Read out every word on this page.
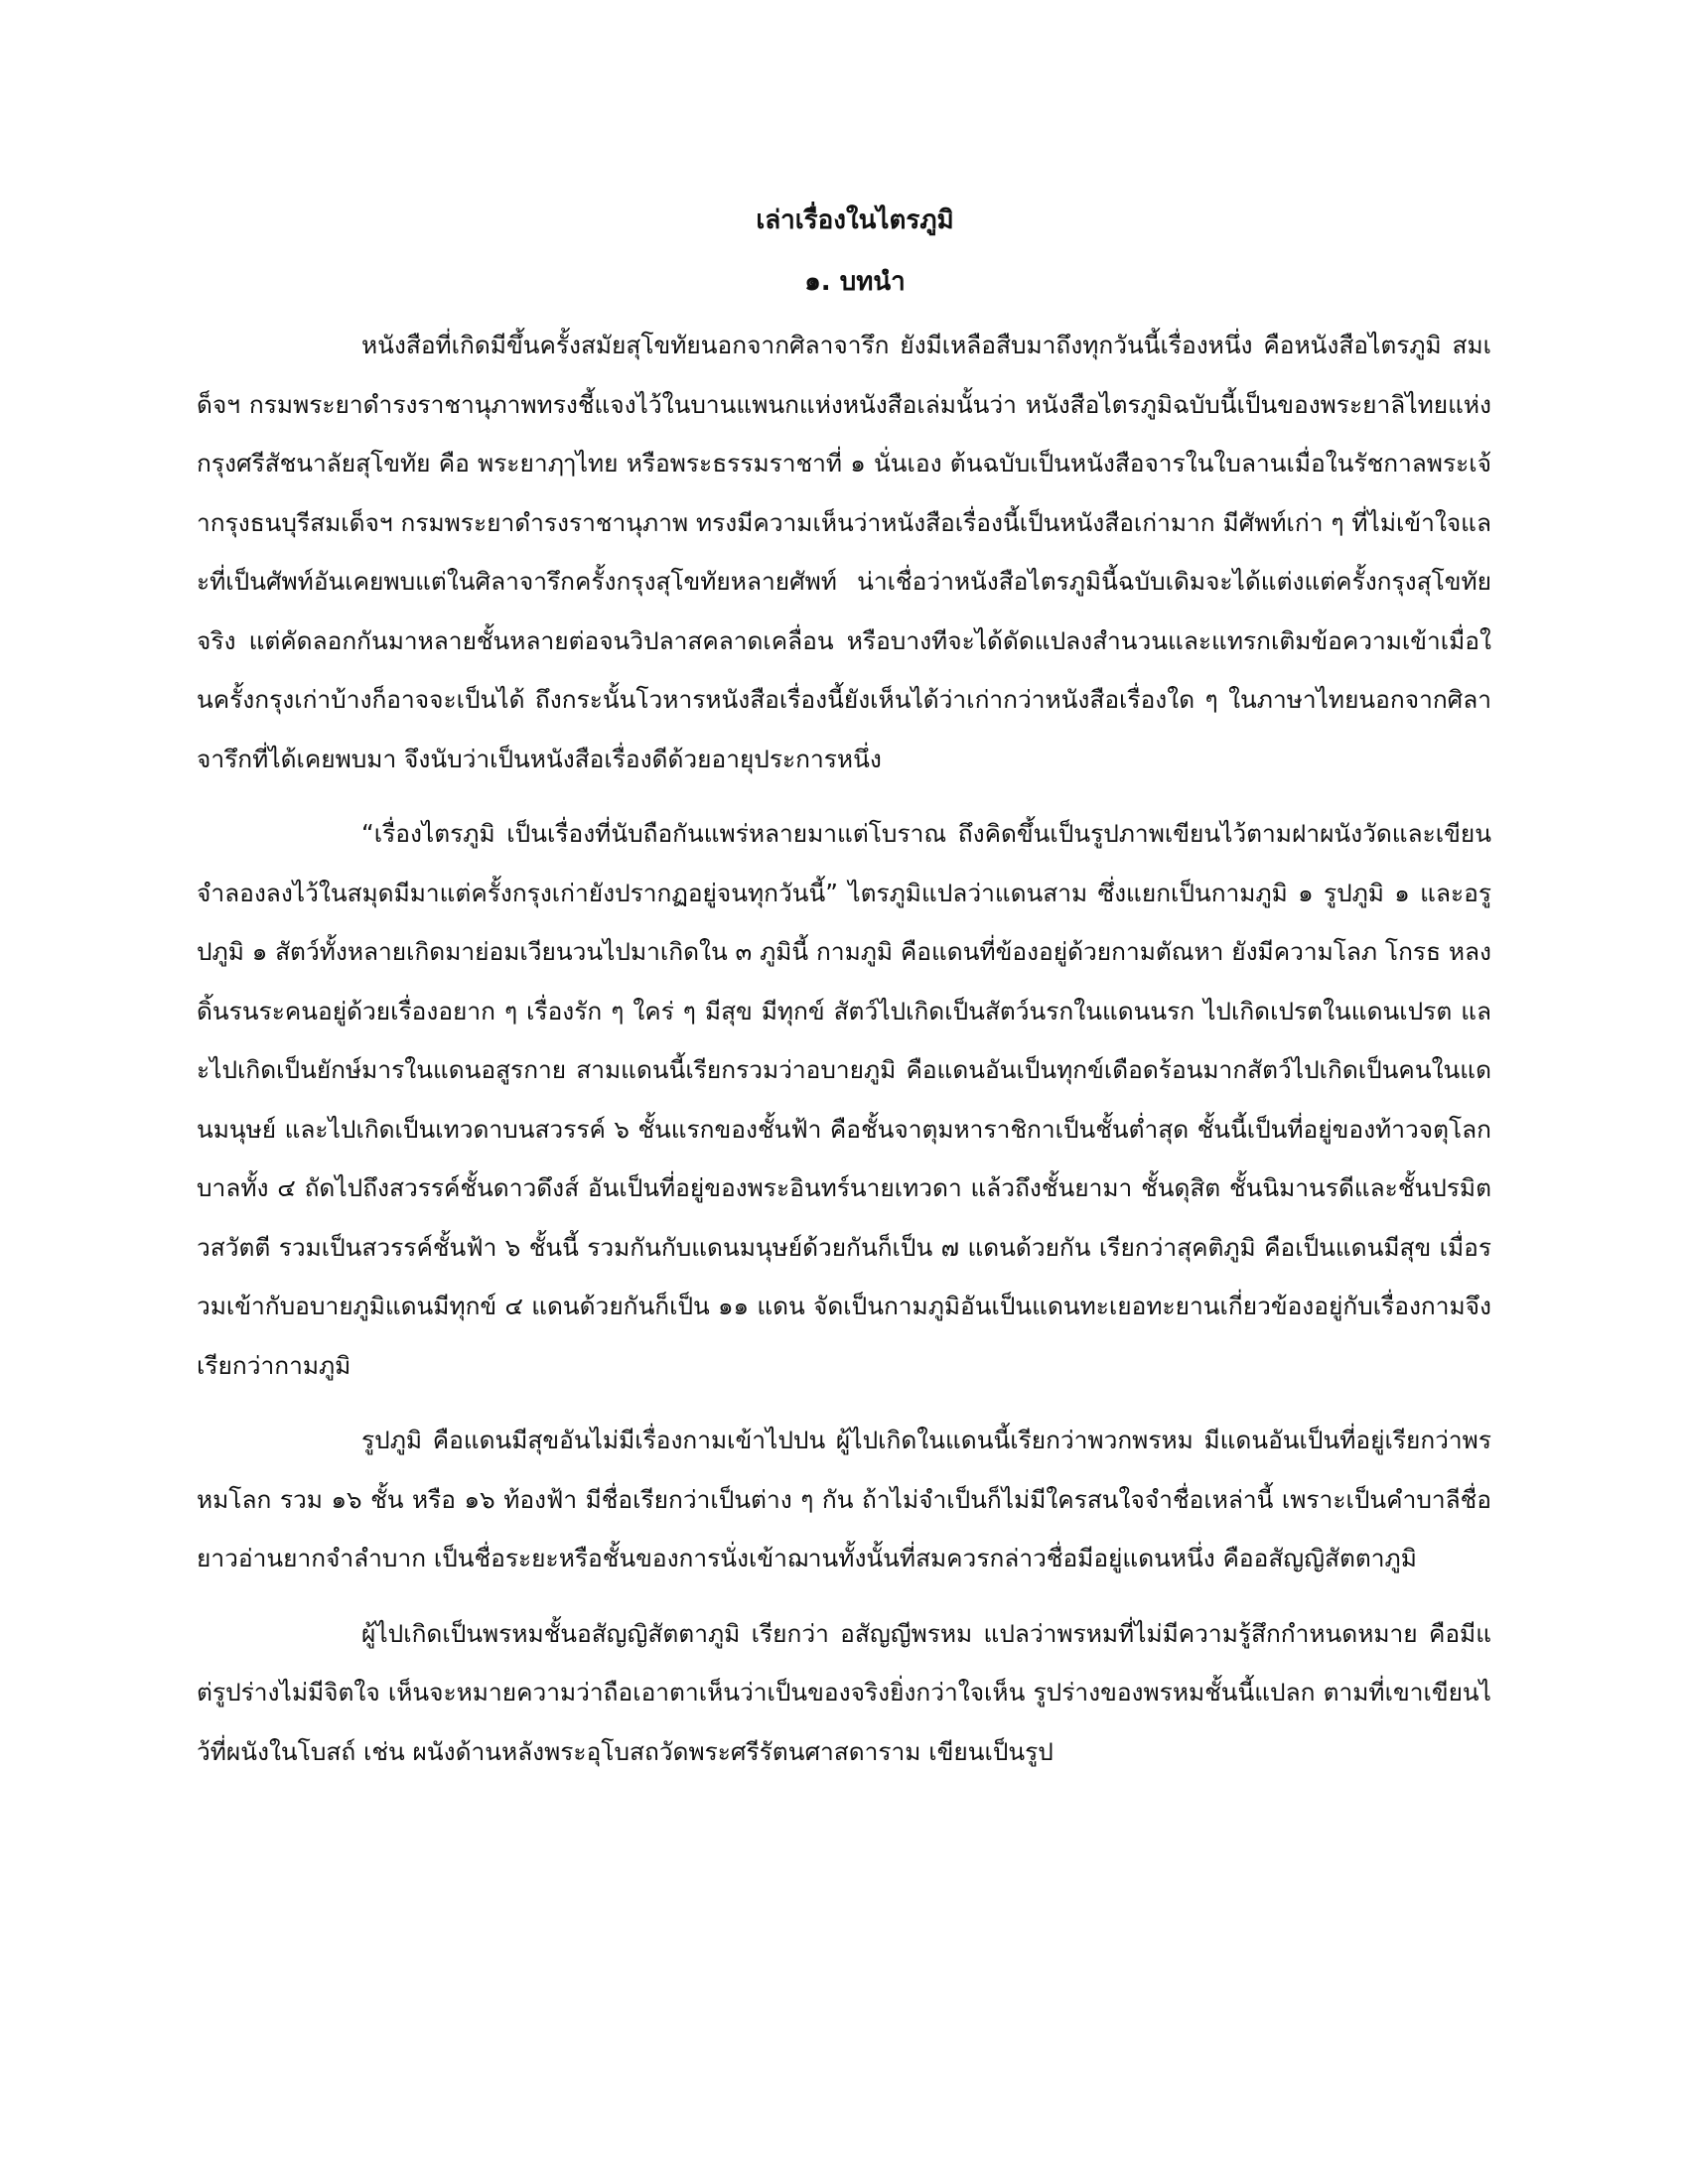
เล่าเรื่องในไตรภูมิ
๑. บทนำ

หนังสือที่เกิดมีขึ้นครั้งสมัยสุโขทัยนอกจากศิลาจารึก ยังมีเหลือสืบมาถึงทุกวันนี้เรื่องหนึ่ง คือหนังสือไตรภูมิ สมเด็จฯ กรมพระยาดำรงราชานุภาพทรงชี้แจงไว้ในบานแพนกแห่งหนังสือเล่มนั้นว่า หนังสือไตรภูมิฉบับนี้เป็นของพระยาลิไทยแห่งกรุงศรีสัชนาลัยสุโขทัย คือ พระยาฦๅไทย หรือพระธรรมราชาที่ ๑ นั่นเอง ต้นฉบับเป็นหนังสือจารในใบลานเมื่อในรัชกาลพระเจ้ากรุงธนบุรีสมเด็จฯ กรมพระยาดำรงราชานุภาพ ทรงมีความเห็นว่าหนังสือเรื่องนี้เป็นหนังสือเก่ามาก มีศัพท์เก่า ๆ ที่ไม่เข้าใจและที่เป็นศัพท์อันเคยพบแต่ในศิลาจารึกครั้งกรุงสุโขทัยหลายศัพท์ น่าเชื่อว่าหนังสือไตรภูมินี้ฉบับเดิมจะได้แต่งแต่ครั้งกรุงสุโขทัยจริง แต่คัดลอกกันมาหลายชั้นหลายต่อจนวิปลาสคลาดเคลื่อน หรือบางทีจะได้ดัดแปลงสำนวนและแทรกเติมข้อความเข้าเมื่อในครั้งกรุงเก่าบ้างก็อาจจะเป็นได้ ถึงกระนั้นโวหารหนังสือเรื่องนี้ยังเห็นได้ว่าเก่ากว่าหนังสือเรื่องใด ๆ ในภาษาไทยนอกจากศิลาจารึกที่ได้เคยพบมา จึงนับว่าเป็นหนังสือเรื่องดีด้วยอายุประการหนึ่ง

“เรื่องไตรภูมิ เป็นเรื่องที่นับถือกันแพร่หลายมาแต่โบราณ ถึงคิดขึ้นเป็นรูปภาพเขียนไว้ตามฝาผนังวัดและเขียนจำลองลงไว้ในสมุดมีมาแต่ครั้งกรุงเก่ายังปรากฏอยู่จนทุกวันนี้” ไตรภูมิแปลว่าแดนสาม ซึ่งแยกเป็นกามภูมิ ๑ รูปภูมิ ๑ และอรูปภูมิ ๑ สัตว์ทั้งหลายเกิดมาย่อมเวียนวนไปมาเกิดใน ๓ ภูมินี้ กามภูมิ คือแดนที่ข้องอยู่ด้วยกามตัณหา ยังมีความโลภ โกรธ หลง ดิ้นรนระคนอยู่ด้วยเรื่องอยาก ๆ เรื่องรัก ๆ ใคร่ ๆ มีสุข มีทุกข์ สัตว์ไปเกิดเป็นสัตว์นรกในแดนนรก ไปเกิดเปรตในแดนเปรต และไปเกิดเป็นยักษ์มารในแดนอสูรกาย สามแดนนี้เรียกรวมว่าอบายภูมิ คือแดนอันเป็นทุกข์เดือดร้อนมากสัตว์ไปเกิดเป็นคนในแดนมนุษย์ และไปเกิดเป็นเทวดาบนสวรรค์ ๖ ชั้นแรกของชั้นฟ้า คือชั้นจาตุมหาราชิกาเป็นชั้นต่ำสุด ชั้นนี้เป็นที่อยู่ของท้าวจตุโลกบาลทั้ง ๔ ถัดไปถึงสวรรค์ชั้นดาวดึงส์ อันเป็นที่อยู่ของพระอินทร์นายเทวดา แล้วถึงชั้นยามา ชั้นดุสิต ชั้นนิมานรดีและชั้นปรมิตวสวัตตี รวมเป็นสวรรค์ชั้นฟ้า ๖ ชั้นนี้ รวมกันกับแดนมนุษย์ด้วยกันก็เป็น ๗ แดนด้วยกัน เรียกว่าสุคติภูมิ คือเป็นแดนมีสุข เมื่อรวมเข้ากับอบายภูมิแดนมีทุกข์ ๔ แดนด้วยกันก็เป็น ๑๑ แดน จัดเป็นกามภูมิอันเป็นแดนทะเยอทะยานเกี่ยวข้องอยู่กับเรื่องกามจึงเรียกว่ากามภูมิ

รูปภูมิ คือแดนมีสุขอันไม่มีเรื่องกามเข้าไปปน ผู้ไปเกิดในแดนนี้เรียกว่าพวกพรหม มีแดนอันเป็นที่อยู่เรียกว่าพรหมโลก รวม ๑๖ ชั้น หรือ ๑๖ ท้องฟ้า มีชื่อเรียกว่าเป็นต่าง ๆ กัน ถ้าไม่จำเป็นก็ไม่มีใครสนใจจำชื่อเหล่านี้ เพราะเป็นคำบาลีชื่อยาวอ่านยากจำลำบาก เป็นชื่อระยะหรือชั้นของการนั่งเข้าฌานทั้งนั้นที่สมควรกล่าวชื่อมีอยู่แดนหนึ่ง คืออสัญญิสัตตาภูมิ

ผู้ไปเกิดเป็นพรหมชั้นอสัญญิสัตตาภูมิ เรียกว่า อสัญญีพรหม แปลว่าพรหมที่ไม่มีความรู้สึกกำหนดหมาย คือมีแต่รูปร่างไม่มีจิตใจ เห็นจะหมายความว่าถือเอาตาเห็นว่าเป็นของจริงยิ่งกว่าใจเห็น รูปร่างของพรหมชั้นนี้แปลก ตามที่เขาเขียนไว้ที่ผนังในโบสถ์ เช่น ผนังด้านหลังพระอุโบสถวัดพระศรีรัตนศาสดาราม เขียนเป็นรูป
